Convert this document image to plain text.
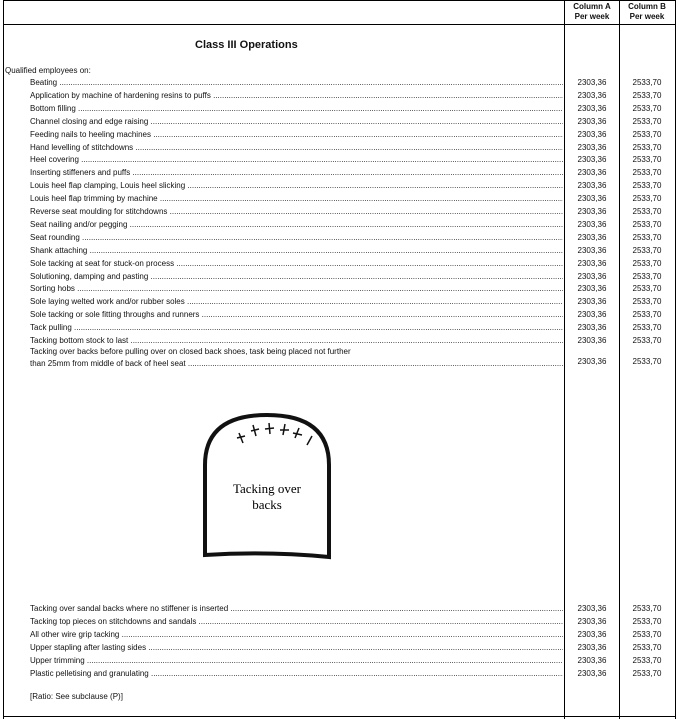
Column A
Per week
Column B
Per week
Class III Operations
Qualified employees on:
Beating .....	2303,36	2533,70
Application by machine of hardening resins to puffs .....	2303,36	2533,70
Bottom filling .....	2303,36	2533,70
Channel closing and edge raising .....	2303,36	2533,70
Feeding nails to heeling machines .....	2303,36	2533,70
Hand levelling of stitchdowns .....	2303,36	2533,70
Heel covering .....	2303,36	2533,70
Inserting stiffeners and puffs .....	2303,36	2533,70
Louis heel flap clamping, Louis heel slicking .....	2303,36	2533,70
Louis heel flap trimming by machine .....	2303,36	2533,70
Reverse seat moulding for stitchdowns .....	2303,36	2533,70
Seat nailing and/or pegging .....	2303,36	2533,70
Seat rounding .....	2303,36	2533,70
Shank attaching .....	2303,36	2533,70
Sole tacking at seat for stuck-on process .....	2303,36	2533,70
Solutioning, damping and pasting .....	2303,36	2533,70
Sorting hobs .....	2303,36	2533,70
Sole laying welted work and/or rubber soles .....	2303,36	2533,70
Sole tacking or sole fitting throughs and runners .....	2303,36	2533,70
Tack pulling .....	2303,36	2533,70
Tacking bottom stock to last .....	2303,36	2533,70
Tacking over backs before pulling over on closed back shoes, task being placed not further
than 25mm from middle of back of heel seat .....	2303,36	2533,70
Tacking over
backs
Tacking over sandal backs where no stiffener is inserted .....	2303,36	2533,70
Tacking top pieces on stitchdowns and sandals .....	2303,36	2533,70
All other wire grip tacking .....	2303,36	2533,70
Upper stapling after lasting sides .....	2303,36	2533,70
Upper trimming .....	2303,36	2533,70
Plastic pelletising and granulating .....	2303,36	2533,70
[Ratio: See subclause (P)]
